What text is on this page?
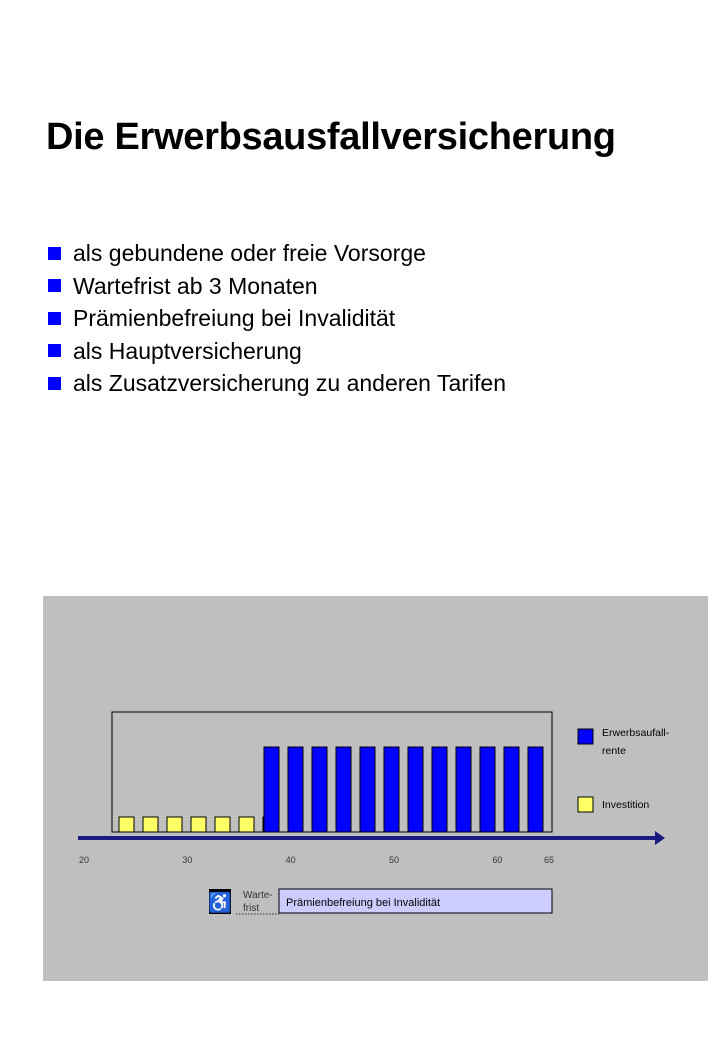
Die Erwerbsausfallversicherung
als gebundene oder freie Vorsorge
Wartefrist ab 3 Monaten
Prämienbefreiung bei Invalidität
als Hauptversicherung
als Zusatzversicherung zu anderen Tarifen
20	30	40	50	60	65
Erwerbsaufall-
rente
Investition
♿ Warte-
frist Prämienbefreiung bei Invalidität
